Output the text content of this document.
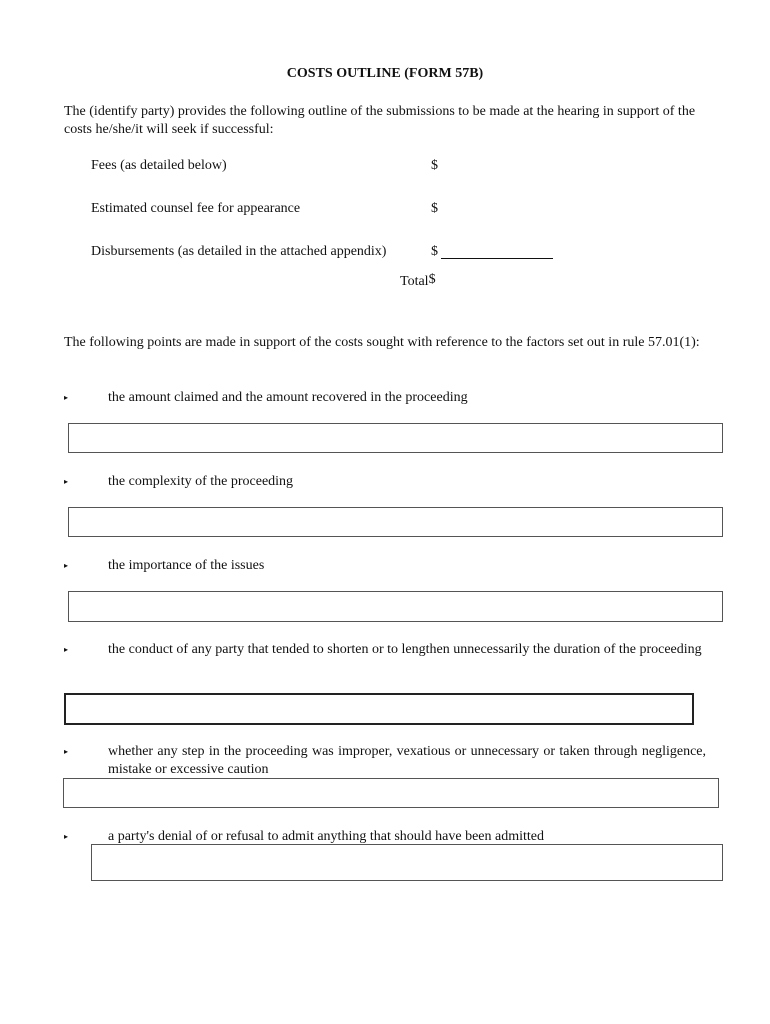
COSTS OUTLINE (FORM 57B)
The (identify party) provides the following outline of the submissions to be made at the hearing in support of the costs he/she/it will seek if successful:
Fees (as detailed below)	$
Estimated counsel fee for appearance	$
Disbursements (as detailed in the attached appendix)	$
Total$
The following points are made in support of the costs sought with reference to the factors set out in rule 57.01(1):
▸	the amount claimed and the amount recovered in the proceeding
▸	the complexity of the proceeding
▸	the importance of the issues
▸	the conduct of any party that tended to shorten or to lengthen unnecessarily the duration of the proceeding
▸	whether any step in the proceeding was improper, vexatious or unnecessary or taken through negligence, mistake or excessive caution
▸	a party's denial of or refusal to admit anything that should have been admitted
